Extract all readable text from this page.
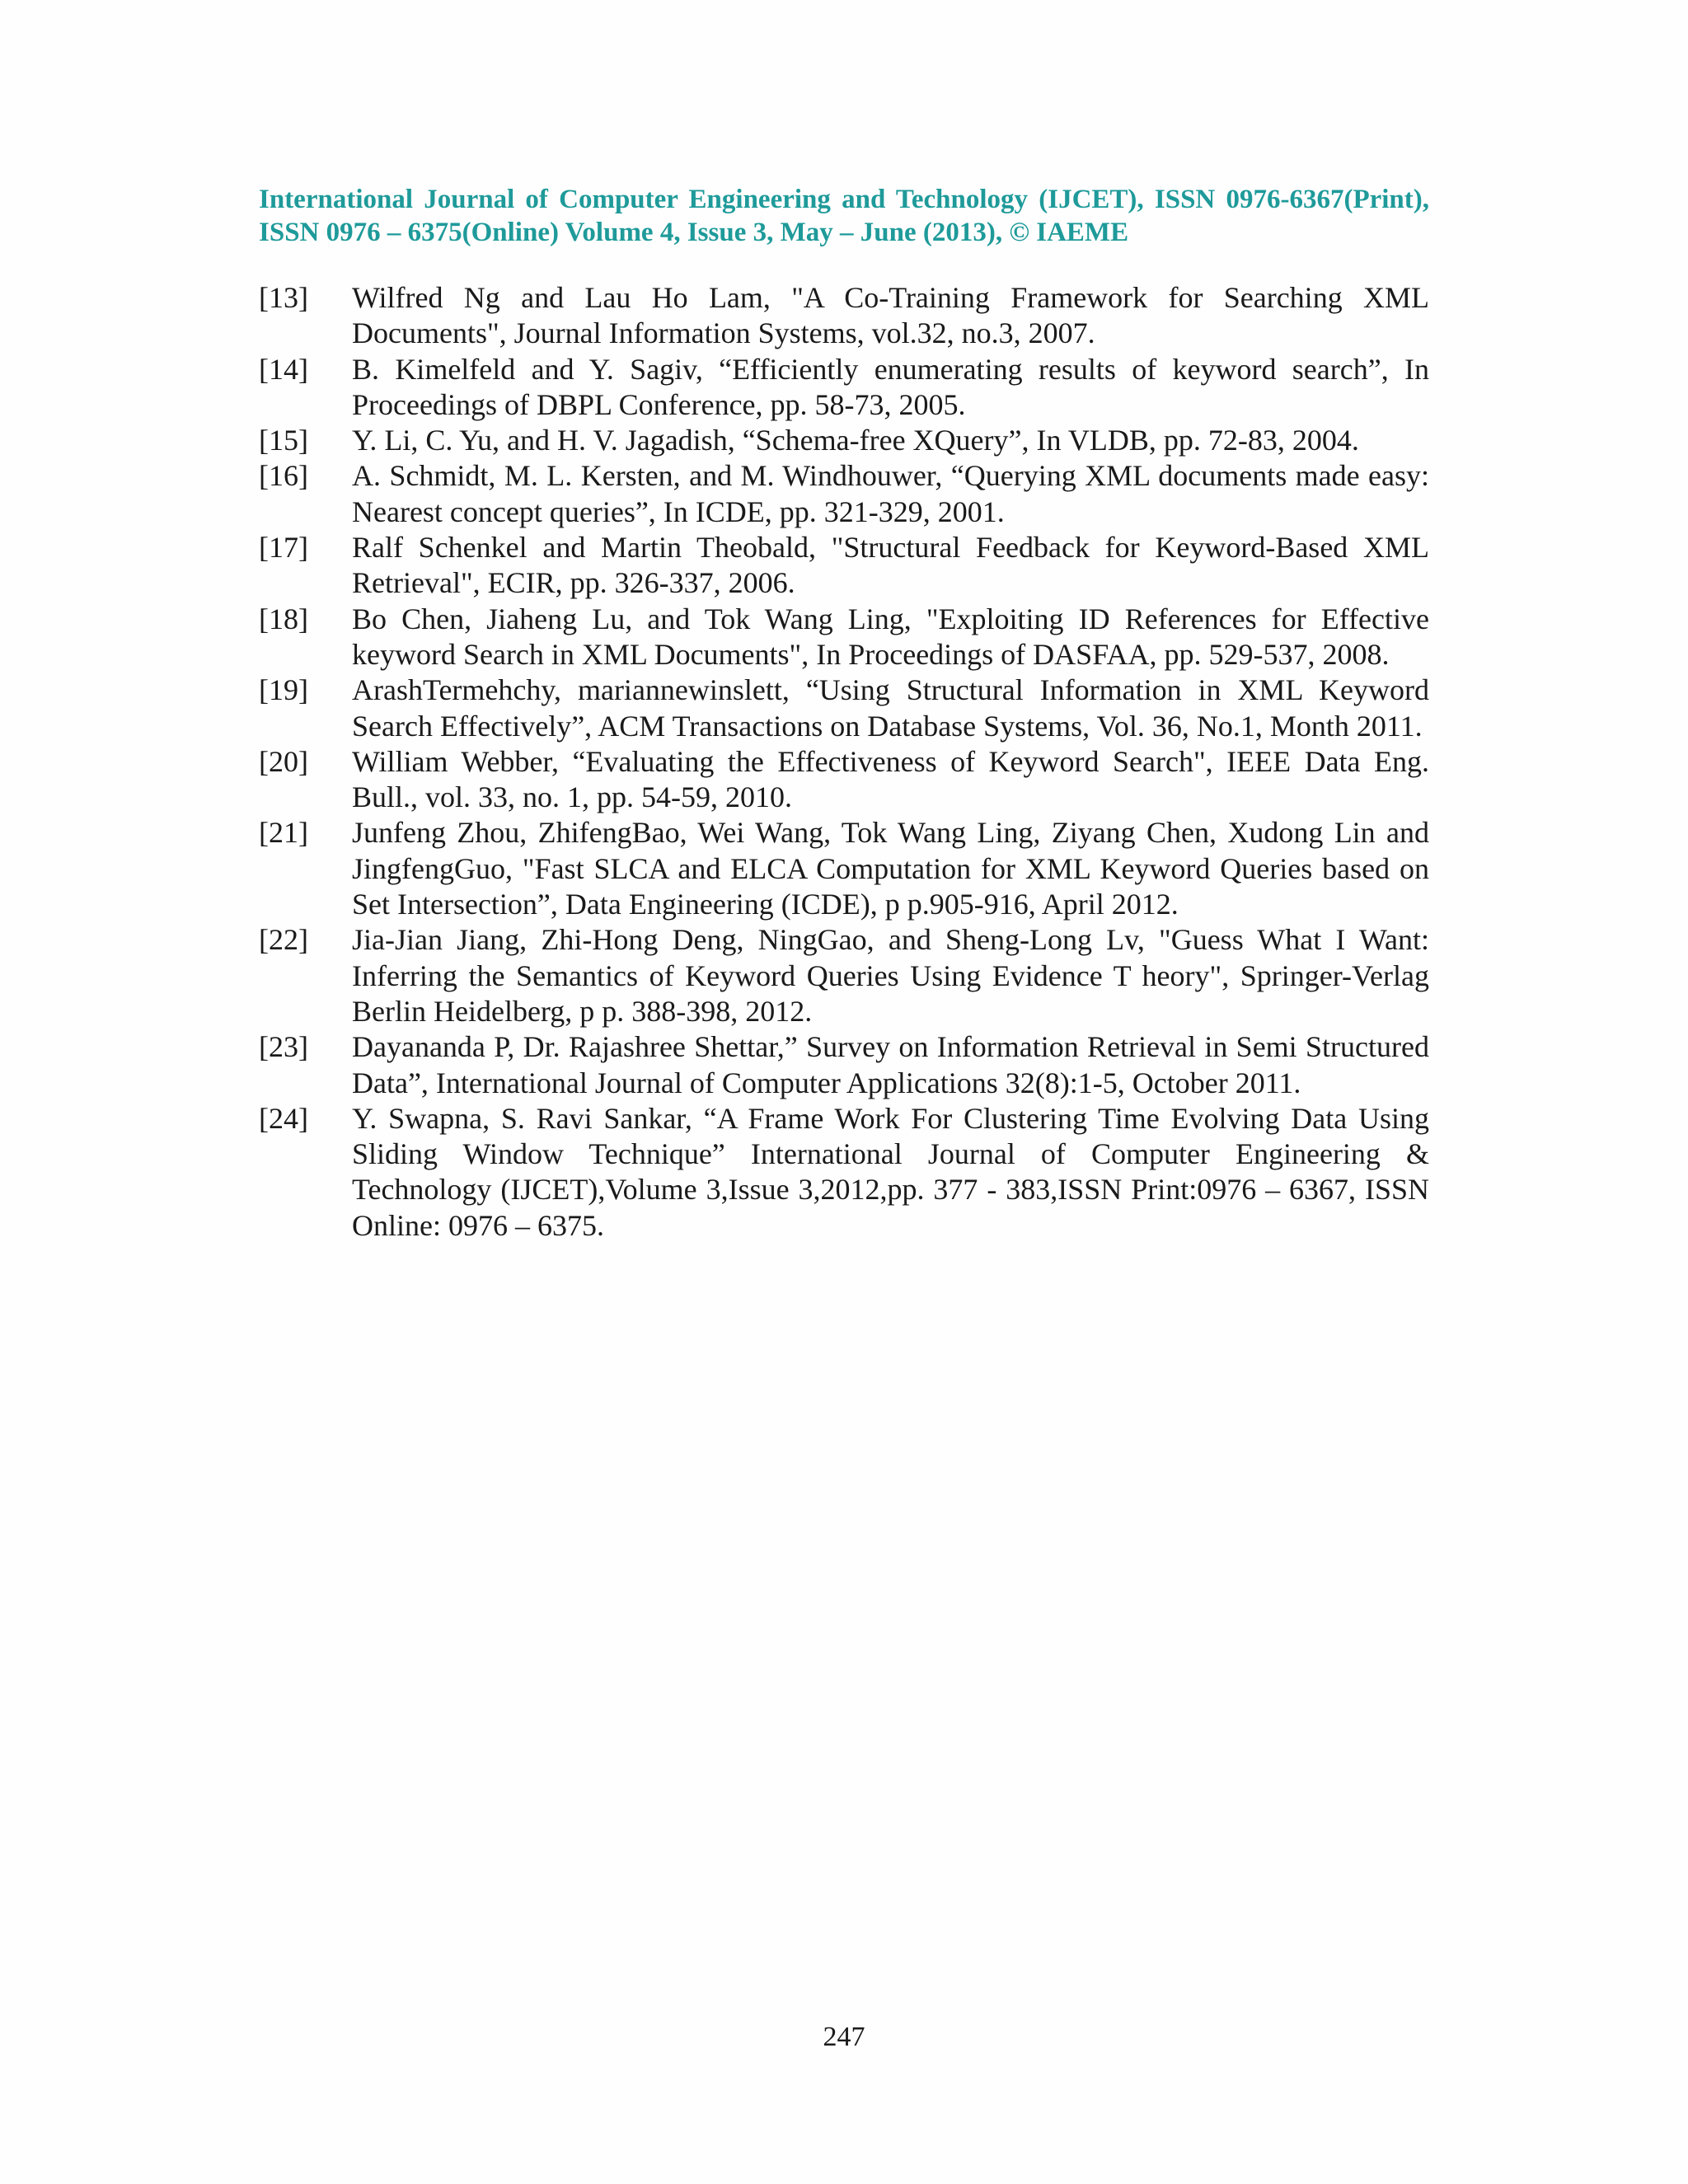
International Journal of Computer Engineering and Technology (IJCET), ISSN 0976-6367(Print), ISSN 0976 – 6375(Online) Volume 4, Issue 3, May – June (2013), © IAEME
[13]	Wilfred Ng and Lau Ho Lam, "A Co-Training Framework for Searching XML Documents", Journal Information Systems, vol.32, no.3, 2007.
[14]	B. Kimelfeld and Y. Sagiv, “Efficiently enumerating results of keyword search”, In Proceedings of DBPL Conference, pp. 58-73, 2005.
[15]	Y. Li, C. Yu, and H. V. Jagadish, “Schema-free XQuery”, In VLDB, pp. 72-83, 2004.
[16]	A. Schmidt, M. L. Kersten, and M. Windhouwer, “Querying XML documents made easy: Nearest concept queries”, In ICDE, pp. 321-329, 2001.
[17]	Ralf Schenkel and Martin Theobald, "Structural Feedback for Keyword-Based XML Retrieval", ECIR, pp. 326-337, 2006.
[18]	Bo Chen, Jiaheng Lu, and Tok Wang Ling, "Exploiting ID References for Effective keyword Search in XML Documents", In Proceedings of DASFAA, pp. 529-537, 2008.
[19]	ArashTermehchy, mariannewinslett, “Using Structural Information in XML Keyword Search Effectively”, ACM Transactions on Database Systems, Vol. 36, No.1, Month 2011.
[20]	William Webber, “Evaluating the Effectiveness of Keyword Search", IEEE Data Eng. Bull., vol. 33, no. 1, pp. 54-59, 2010.
[21]	Junfeng Zhou, ZhifengBao, Wei Wang, Tok Wang Ling, Ziyang Chen, Xudong Lin and JingfengGuo, "Fast SLCA and ELCA Computation for XML Keyword Queries based on Set Intersection”, Data Engineering (ICDE), p p.905-916, April 2012.
[22]	Jia-Jian Jiang, Zhi-Hong Deng, NingGao, and Sheng-Long Lv, "Guess What I Want: Inferring the Semantics of Keyword Queries Using Evidence T heory", Springer-Verlag Berlin Heidelberg, p p. 388-398, 2012.
[23]	Dayananda P, Dr. Rajashree Shettar,” Survey on Information Retrieval in Semi Structured Data”, International Journal of Computer Applications 32(8):1-5, October 2011.
[24]	Y. Swapna, S. Ravi Sankar, “A Frame Work For Clustering Time Evolving Data Using Sliding Window Technique” International Journal of Computer Engineering & Technology (IJCET),Volume 3,Issue 3,2012,pp. 377 - 383,ISSN Print:0976 – 6367, ISSN Online: 0976 – 6375.
247
